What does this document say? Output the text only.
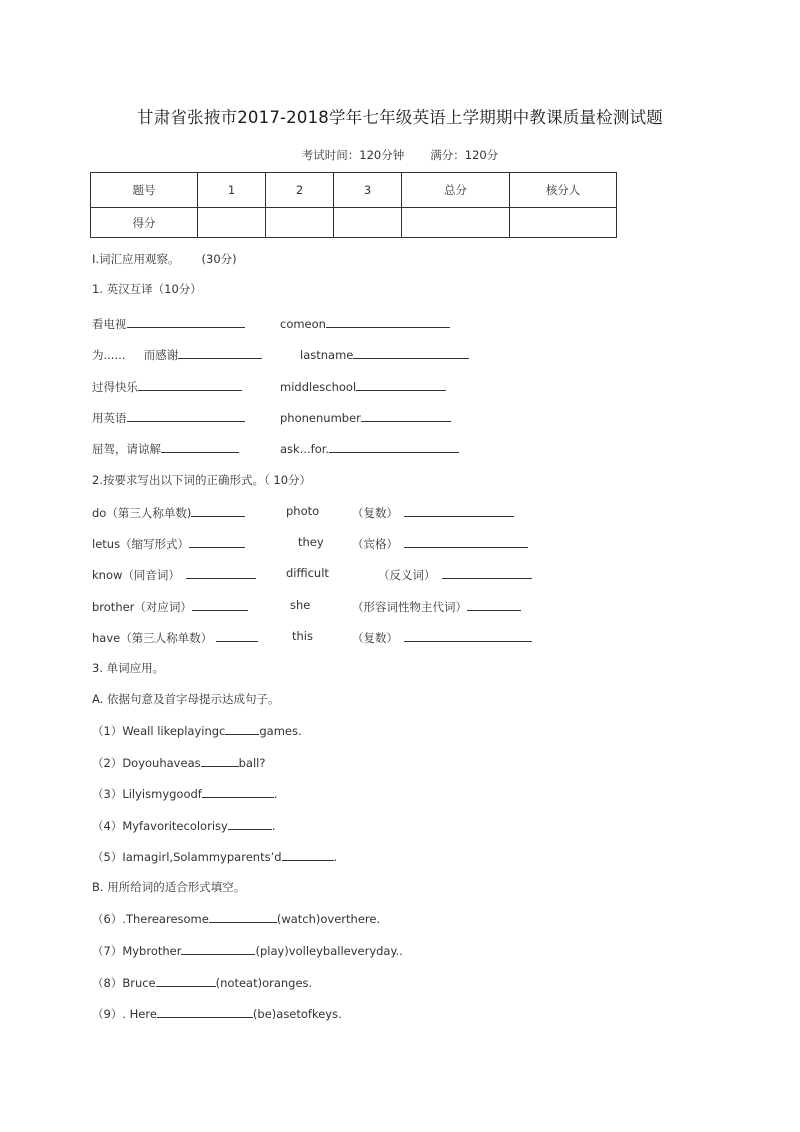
甘肃省张掖市2017-2018学年七年级英语上学期期中教课质量检测试题
考试时间：120分钟 满分：120分
题号	1	2	3	总分	核分人
得分					
I.词汇应用观察。 (30分)
1. 英汉互译（10分）
看电视	comeon
为......     而感谢	lastname
过得快乐	middleschool
用英语	phonenumber
屈驾，请谅解	ask...for.
2.按要求写出以下词的正确形式。（ 10分）
do（第三人称单数)	photo	（复数）
letus（缩写形式）	they （宾格）
know（同音词）	difficult	（反义词）
brother（对应词）	she	（形容词性物主代词）
have（第三人称单数）	this	（复数）
3. 单词应用。
A. 依据句意及首字母提示达成句子。
（1）Weall likeplayingc	games.
（2）Doyouhaveas	ball?
（3）Lilyismygoodf	.
（4）Myfavoritecolorisy	.
（5）Iamagirl,Solammyparents’d	.
B. 用所给词的适合形式填空。
（6）.Therearesome	(watch)overthere.
（7）Mybrother	(play)volleyballeveryday..
（8）Bruce	(noteat)oranges.
（9）. Here	(be)asetofkeys.
